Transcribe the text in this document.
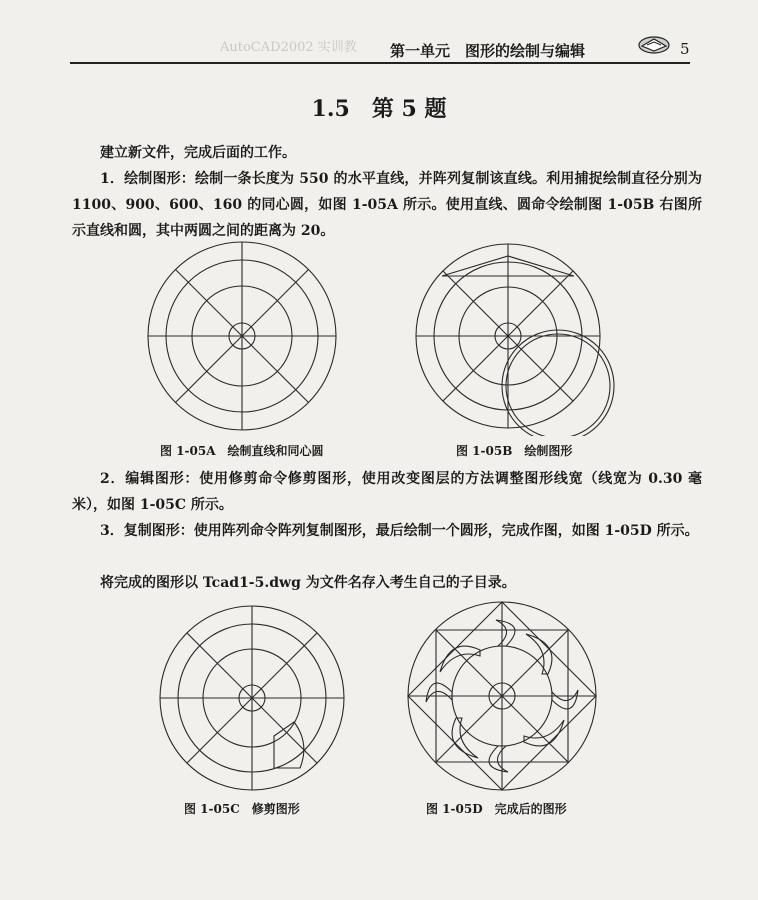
AutoCAD2002 实训教 第一单元　图形的绘制与编辑	5
1.5　第 5 题
建立新文件，完成后面的工作。
1．绘制图形：绘制一条长度为 550 的水平直线，并阵列复制该直线。利用捕捉绘制直径分别为 1100、900、600、160 的同心圆，如图 1-05A 所示。使用直线、圆命令绘制图 1-05B 右图所示直线和圆，其中两圆之间的距离为 20。
图 1-05A　绘制直线和同心圆	图 1-05B　绘制图形
2．编辑图形：使用修剪命令修剪图形，使用改变图层的方法调整图形线宽（线宽为 0.30 毫米），如图 1-05C 所示。
3．复制图形：使用阵列命令阵列复制图形，最后绘制一个圆形，完成作图，如图 1-05D 所示。
将完成的图形以 Tcad1-5.dwg 为文件名存入考生自己的子目录。
图 1-05C　修剪图形	图 1-05D　完成后的图形
